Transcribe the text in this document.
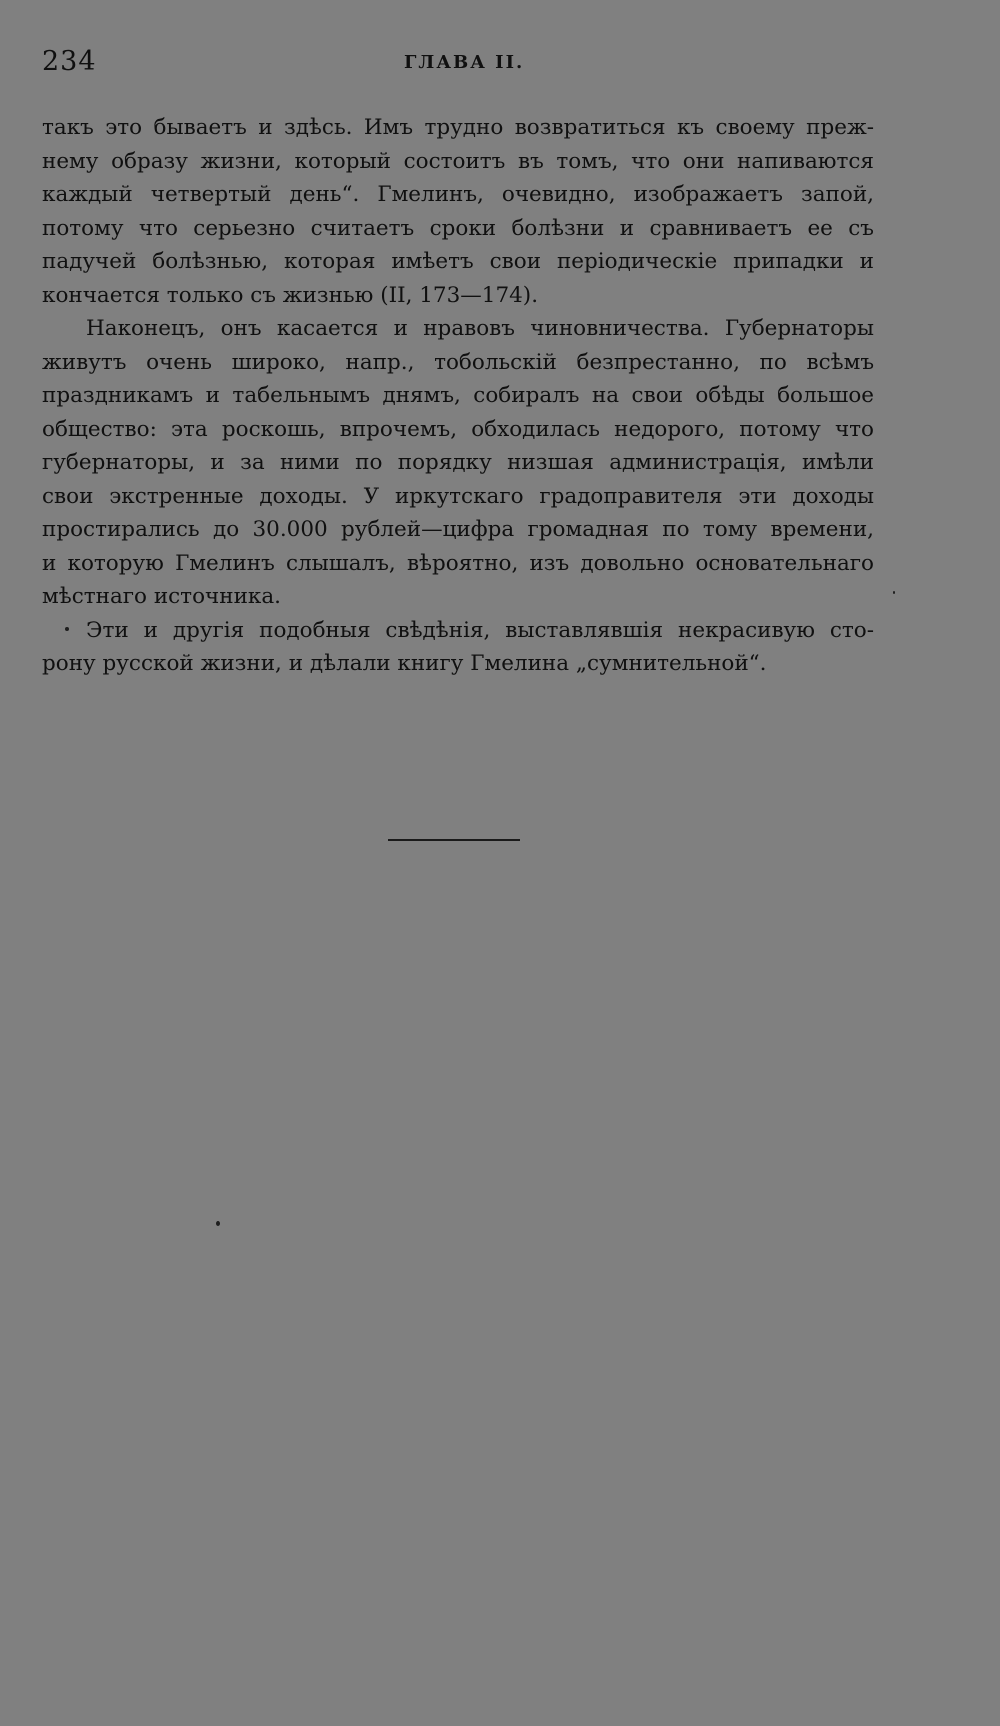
234	ГЛАВА II.
такъ это бываетъ и здѣсь. Имъ трудно возвратиться къ своему преж-
нему образу жизни, который состоитъ въ томъ, что они напиваются
каждый четвертый день“. Гмелинъ, очевидно, изображаетъ запой,
потому что серьезно считаетъ сроки болѣзни и сравниваетъ ее съ
падучей болѣзнью, которая имѣетъ свои періодическіе припадки и
кончается только съ жизнью (II, 173—174).
Наконецъ, онъ касается и нравовъ чиновничества. Губернаторы
живутъ очень широко, напр., тобольскій безпрестанно, по всѣмъ
праздникамъ и табельнымъ днямъ, собиралъ на свои обѣды большое
общество: эта роскошь, впрочемъ, обходилась недорого, потому что
губернаторы, и за ними по порядку низшая администрація, имѣли
свои экстренные доходы. У иркутскаго градоправителя эти доходы
простирались до 30.000 рублей—цифра громадная по тому времени,
и которую Гмелинъ слышалъ, вѣроятно, изъ довольно основательнаго
мѣстнаго источника.
Эти и другія подобныя свѣдѣнія, выставлявшія некрасивую сто-
рону русской жизни, и дѣлали книгу Гмелина „сумнительной“.
